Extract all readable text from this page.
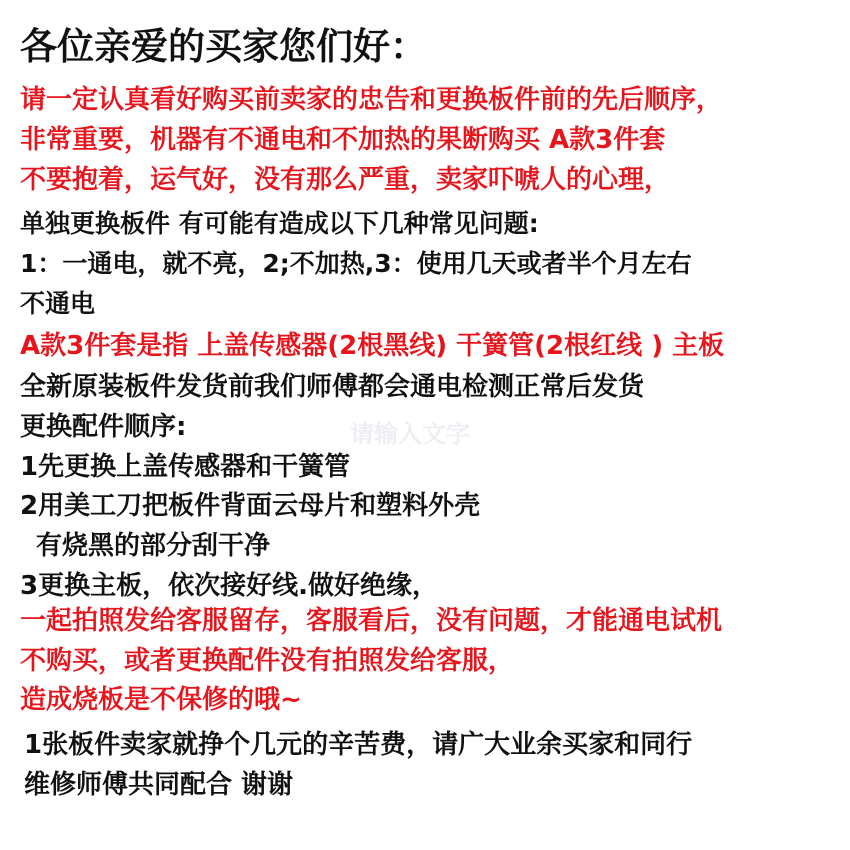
各位亲爱的买家您们好：
请一定认真看好购买前卖家的忠告和更换板件前的先后顺序，
非常重要，机器有不通电和不加热的果断购买 A款3件套
不要抱着，运气好，没有那么严重，卖家吓唬人的心理，
单独更换板件 有可能有造成以下几种常见问题:
1：一通电，就不亮，2;不加热,3：使用几天或者半个月左右
不通电
A款3件套是指 上盖传感器(2根黑线) 干簧管(2根红线 ) 主板
全新原装板件发货前我们师傅都会通电检测正常后发货
更换配件顺序:
1先更换上盖传感器和干簧管
2用美工刀把板件背面云母片和塑料外壳
有烧黑的部分刮干净
3更换主板，依次接好线.做好绝缘，
一起拍照发给客服留存，客服看后，没有问题，才能通电试机
不购买，或者更换配件没有拍照发给客服，
造成烧板是不保修的哦~
1张板件卖家就挣个几元的辛苦费，请广大业余买家和同行
维修师傅共同配合 谢谢
请输入文字
